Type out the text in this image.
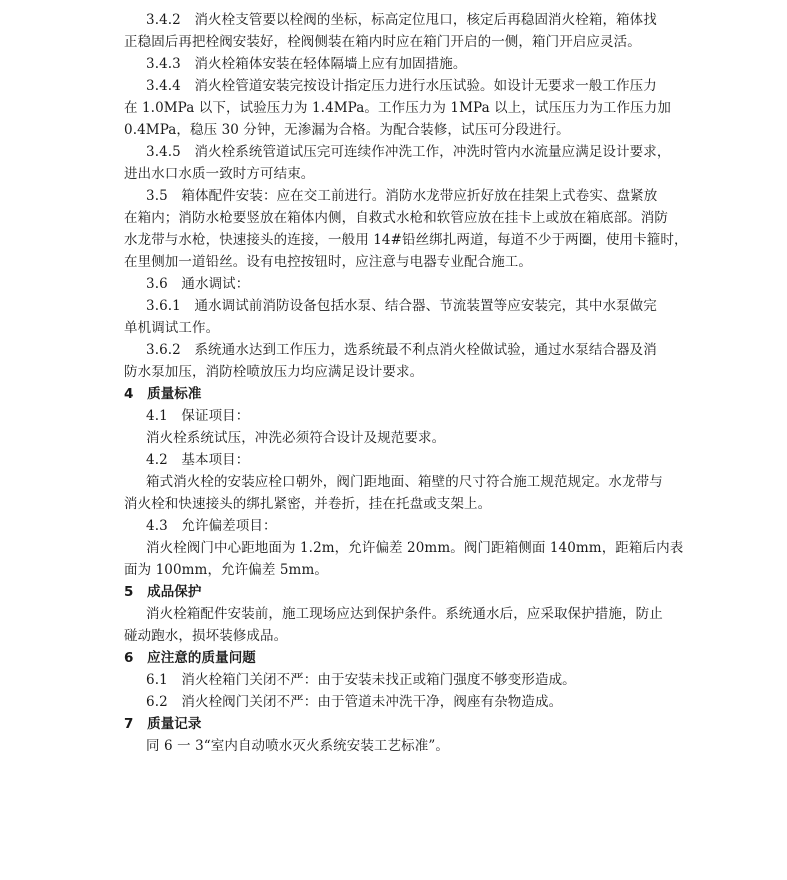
3.4.2　消火栓支管要以栓阀的坐标，标高定位甩口，核定后再稳固消火栓箱，箱体找
正稳固后再把栓阀安装好，栓阀侧装在箱内时应在箱门开启的一侧，箱门开启应灵活。
3.4.3　消火栓箱体安装在轻体隔墙上应有加固措施。
3.4.4　消火栓管道安装完按设计指定压力进行水压试验。如设计无要求一般工作压力
在 1.0MPa 以下，试验压力为 1.4MPa。工作压力为 1MPa 以上，试压压力为工作压力加
0.4MPa，稳压 30 分钟，无渗漏为合格。为配合装修，试压可分段进行。
3.4.5　消火栓系统管道试压完可连续作冲洗工作，冲洗时管内水流量应满足设计要求，
进出水口水质一致时方可结束。
3.5　箱体配件安装：应在交工前进行。消防水龙带应折好放在挂架上式卷实、盘紧放
在箱内；消防水枪要竖放在箱体内侧，自救式水枪和软管应放在挂卡上或放在箱底部。消防
水龙带与水枪，快速接头的连接，一般用 14#铅丝绑扎两道，每道不少于两圈，使用卡箍时，
在里侧加一道铅丝。设有电控按钮时，应注意与电器专业配合施工。
3.6　通水调试：
3.6.1　通水调试前消防设备包括水泵、结合器、节流装置等应安装完，其中水泵做完
单机调试工作。
3.6.2　系统通水达到工作压力，选系统最不利点消火栓做试验，通过水泵结合器及消
防水泵加压，消防栓喷放压力均应满足设计要求。
4　质量标准
4.1　保证项目：
消火栓系统试压，冲洗必须符合设计及规范要求。
4.2　基本项目：
箱式消火栓的安装应栓口朝外，阀门距地面、箱壁的尺寸符合施工规范规定。水龙带与
消火栓和快速接头的绑扎紧密，并卷折，挂在托盘或支架上。
4.3　允许偏差项目：
消火栓阀门中心距地面为 1.2m，允许偏差 20mm。阀门距箱侧面 140mm，距箱后内表
面为 100mm，允许偏差 5mm。
5　成品保护
消火栓箱配件安装前，施工现场应达到保护条件。系统通水后，应采取保护措施，防止
碰动跑水，损坏装修成品。
6　应注意的质量问题
6.1　消火栓箱门关闭不严：由于安装未找正或箱门强度不够变形造成。
6.2　消火栓阀门关闭不严：由于管道未冲洗干净，阀座有杂物造成。
7　质量记录
同 6 一 3“室内自动喷水灭火系统安装工艺标准”。
